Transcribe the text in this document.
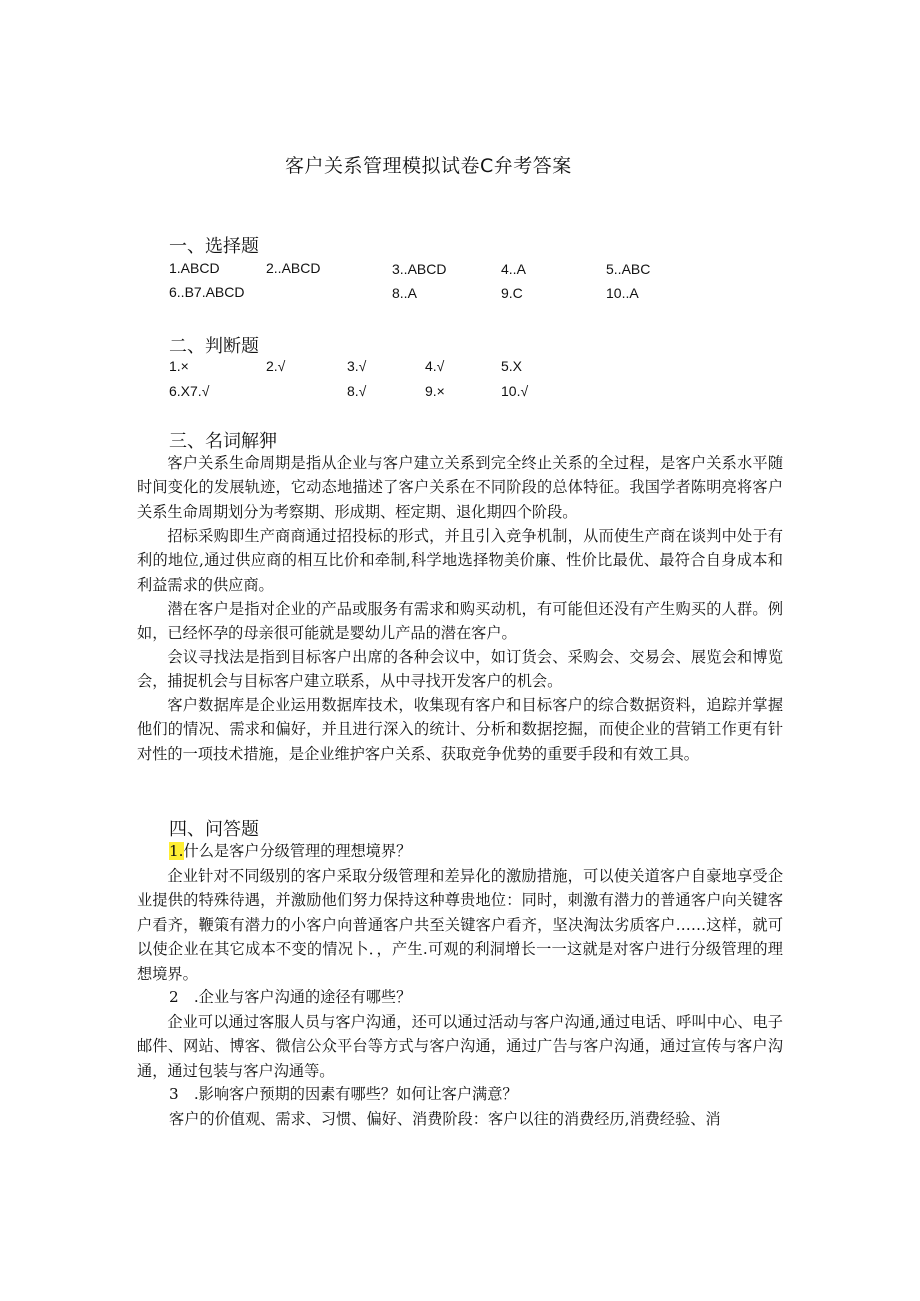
客户关系管理模拟试卷C弁考答案
一、选择题
1.ABCD	2..ABCD	3..ABCD	4..A	5..ABC
6..B7.ABCD	8..A	9.C	10..A
二、判断题
1.×	2.√	3.√	4.√	5.X
6.X7.√	8.√	9.×	10.√
三、名词解狎

客户关系生命周期是指从企业与客户建立关系到完全终止关系的全过程，是客户关系水平随时间变化的发展轨迹，它动态地描述了客户关系在不同阶段的总体特征。我国学者陈明亮将客户关系生命周期划分为考察期、形成期、桎定期、退化期四个阶段。

招标采购即生产商商通过招投标的形式，并且引入竞争机制，从而使生产商在谈判中处于有利的地位,通过供应商的相互比价和牵制,科学地选择物美价廉、性价比最优、最符合自身成本和利益需求的供应商。

潜在客户是指对企业的产品或服务有需求和购买动机，有可能但还没有产生购买的人群。例如，已经怀孕的母亲很可能就是婴幼儿产品的潜在客户。

会议寻找法是指到目标客户出席的各种会议中，如订货会、采购会、交易会、展览会和博览会，捕捉机会与目标客户建立联系，从中寻找开发客户的机会。

客户数据库是企业运用数据库技术，收集现有客户和目标客户的综合数据资料，追踪并掌握他们的情况、需求和偏好，并且进行深入的统计、分析和数据挖掘，而使企业的营销工作更有针对性的一项技术措施，是企业维护客户关系、获取竞争优势的重要手段和有效工具。

四、问答题
1.什么是客户分级管理的理想境界？

企业针对不同级别的客户采取分级管理和差异化的激励措施，可以使关道客户自豪地享受企业提供的特殊待遇，并激励他们努力保持这种尊贵地位：同时，刺激有潜力的普通客户向关键客户看齐，鞭策有潜力的小客户向普通客户共至关键客户看齐，坚决淘汰劣质客户……这样，就可以使企业在其它成本不变的情况卜．，产生.可观的利洞增长一一这就是对客户进行分级管理的理想境界。

2　.企业与客户沟通的途径有哪些？

企业可以通过客服人员与客户沟通，还可以通过活动与客户沟通,通过电话、呼叫中心、电子邮件、网站、博客、微信公众平台等方式与客户沟通，通过广告与客户沟通，通过宣传与客户沟通，通过包装与客户沟通等。

3　.影响客户预期的因素有哪些？如何让客户满意？

客户的价值观、需求、习惯、偏好、消费阶段：客户以往的消费经历,消费经验、消
